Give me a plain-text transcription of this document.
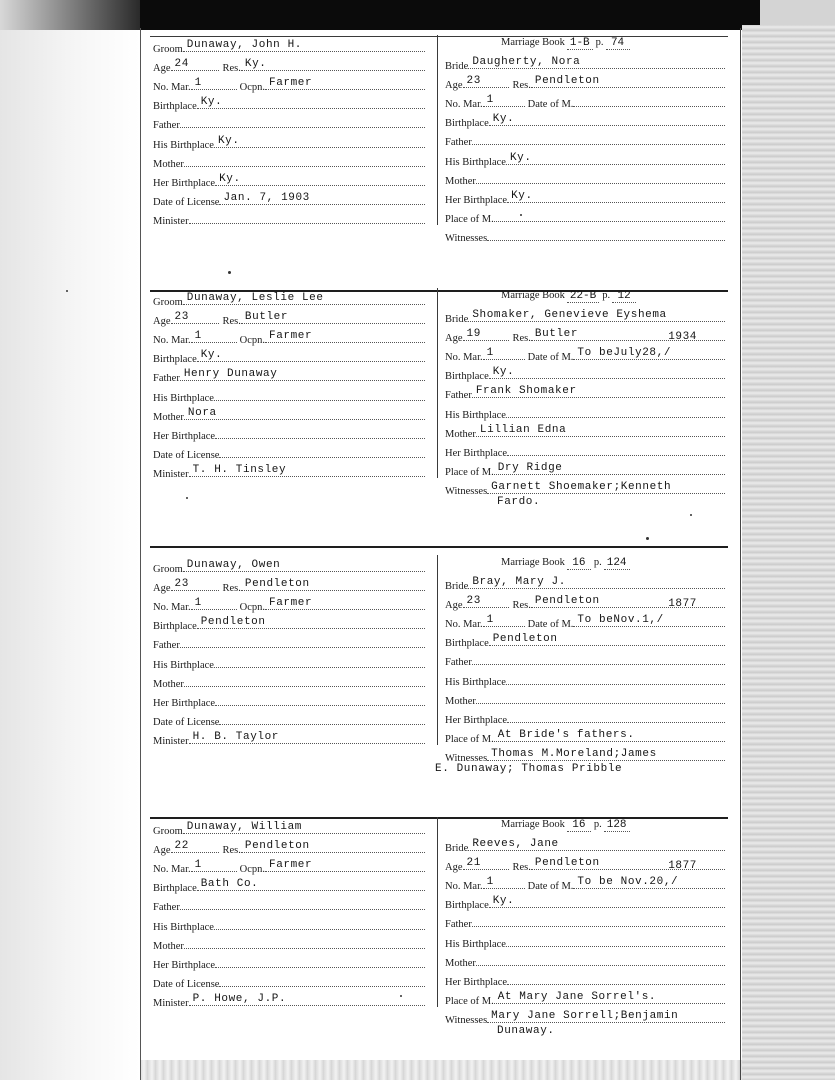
Groom Dunaway, John H.
Age 24	Res. Ky.
No. Mar. 1	Ocpn. Farmer
Birthplace Ky.
Father
His Birthplace Ky.
Mother
Her Birthplace Ky.
Date of License Jan. 7, 1903
Minister
Marriage Book 1-B p. 74
Bride Daugherty, Nora
Age 23	Res. Pendleton
No. Mar. 1	Date of M.
Birthplace Ky.
Father
His Birthplace Ky.
Mother
Her Birthplace Ky.
Place of M.
Witnesses
Groom Dunaway, Leslie Lee
Age 23	Res. Butler
No. Mar. 1	Ocpn. Farmer
Birthplace Ky.
Father Henry Dunaway
His Birthplace
Mother Nora
Her Birthplace
Date of License
Minister T. H. Tinsley
Marriage Book 22-B p. 12
Bride Shomaker, Genevieve Eyshema
Age 19	Res. Butler	1934
No. Mar. 1	Date of M. To beJuly28,/
Birthplace Ky.
Father Frank Shomaker
His Birthplace
Mother Lillian Edna
Her Birthplace
Place of M. Dry Ridge
Witnesses Garnett Shoemaker;Kenneth
Fardo.
Groom Dunaway, Owen
Age 23	Res. Pendleton
No. Mar. 1	Ocpn. Farmer
Birthplace Pendleton
Father
His Birthplace
Mother
Her Birthplace
Date of License
Minister H. B. Taylor
Marriage Book 16 p. 124
Bride Bray, Mary J.
Age 23	Res. Pendleton	1877
No. Mar. 1	Date of M. To beNov.1,/
Birthplace Pendleton
Father
His Birthplace
Mother
Her Birthplace
Place of M. At Bride's fathers.
Witnesses Thomas M.Moreland;James
E. Dunaway; Thomas Pribble
Groom Dunaway, William
Age 22	Res. Pendleton
No. Mar. 1	Ocpn. Farmer
Birthplace Bath Co.
Father
His Birthplace
Mother
Her Birthplace
Date of License
Minister P. Howe, J.P.
Marriage Book 16 p. 128
Bride Reeves, Jane
Age 21	Res. Pendleton	1877
No. Mar. 1	Date of M. To be Nov.20,/
Birthplace Ky.
Father
His Birthplace
Mother
Her Birthplace
Place of M. At Mary Jane Sorrel's.
Witnesses Mary Jane Sorrell;Benjamin
Dunaway.
